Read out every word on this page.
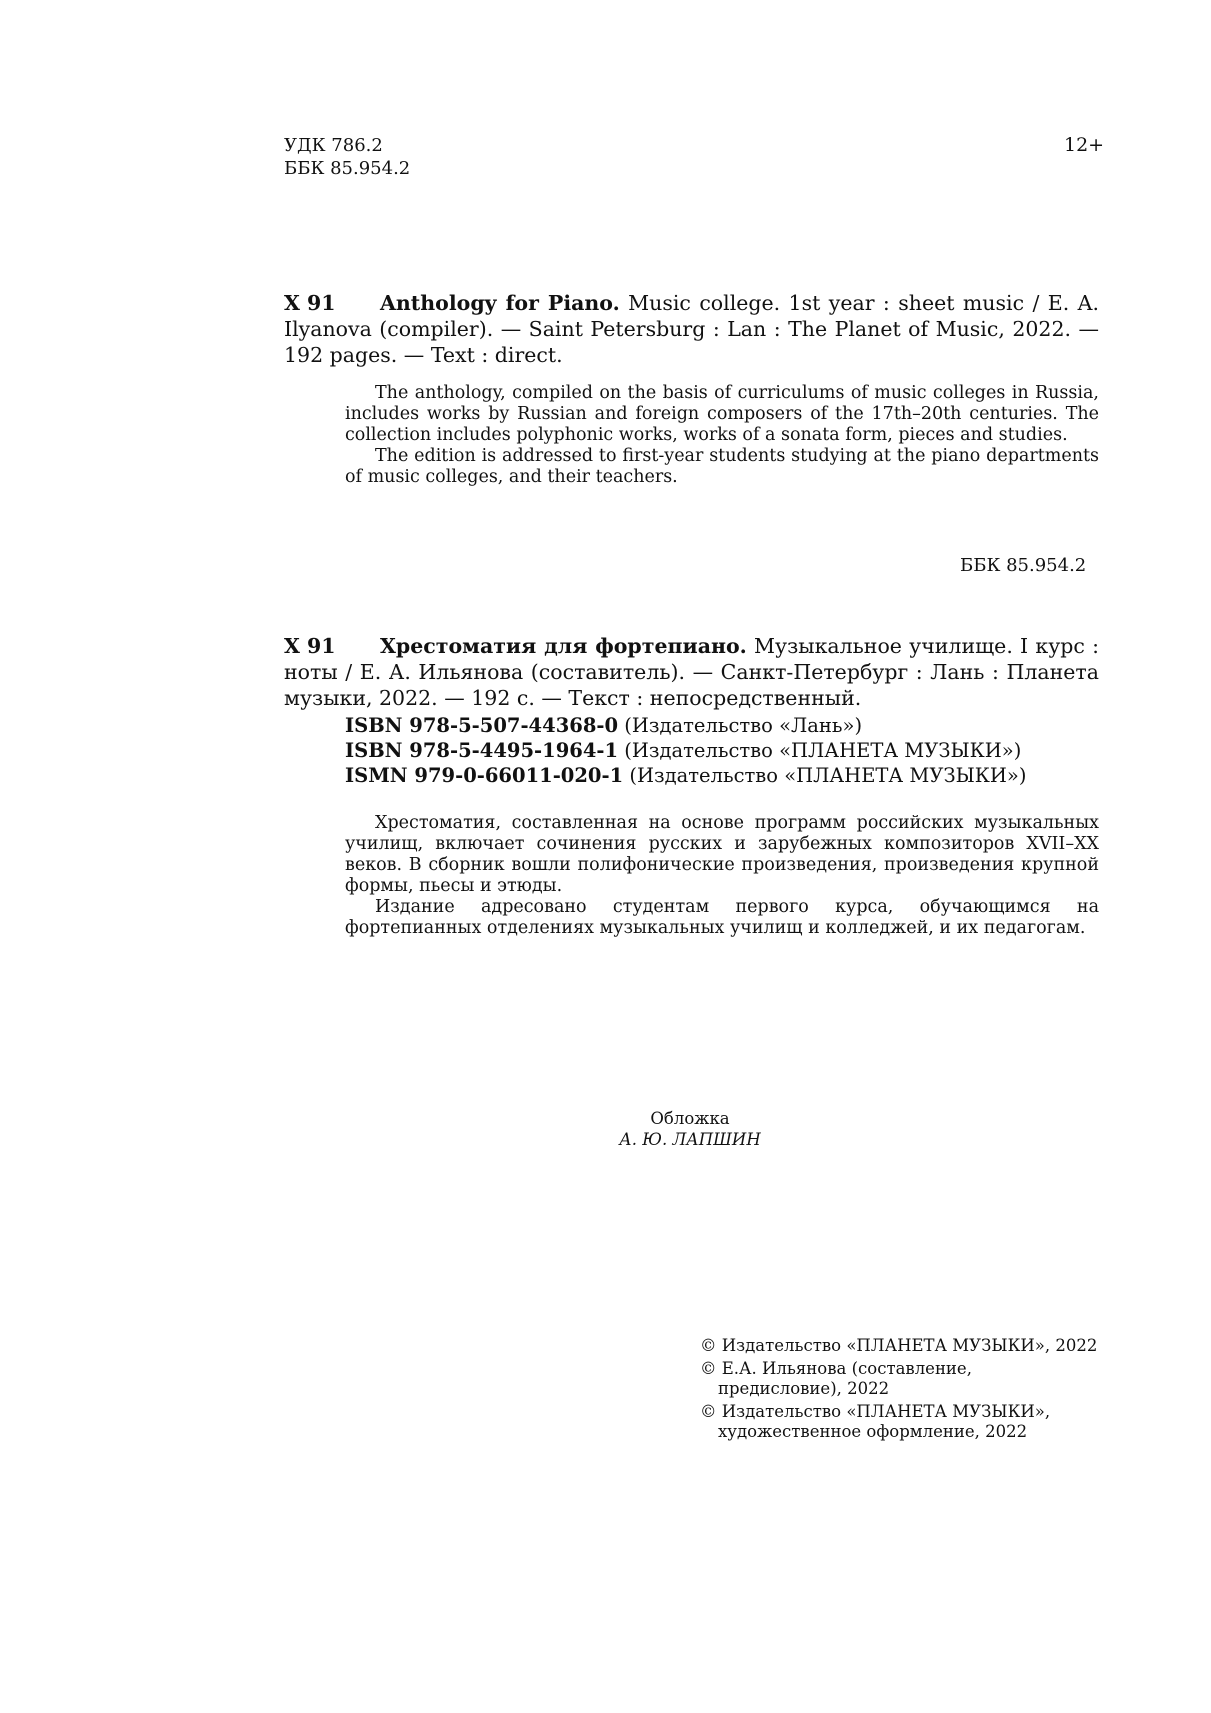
УДК 786.2
ББК 85.954.2
12+
Х 91	Anthology for Piano. Music college. 1st year : sheet music / E. A. Ilyanova (compiler). — Saint Petersburg : Lan : The Planet of Music, 2022. — 192 pages. — Text : direct.

The anthology, compiled on the basis of curriculums of music colleges in Russia, includes works by Russian and foreign composers of the 17th–20th centuries. The collection includes polyphonic works, works of a sonata form, pieces and studies.

The edition is addressed to first-year students studying at the piano departments of music colleges, and their teachers.

ББК 85.954.2
Х 91	Хрестоматия для фортепиано. Музыкальное училище. I курс : ноты / Е. А. Ильянова (составитель). — Санкт-Петербург : Лань : Планета музыки, 2022. — 192 с. — Текст : непосредственный.
ISBN 978-5-507-44368-0 (Издательство «Лань»)
ISBN 978-5-4495-1964-1 (Издательство «ПЛАНЕТА МУЗЫКИ»)
ISMN 979-0-66011-020-1 (Издательство «ПЛАНЕТА МУЗЫКИ»)

Хрестоматия, составленная на основе программ российских музыкальных училищ, включает сочинения русских и зарубежных композиторов XVII–XX веков. В сборник вошли полифонические произведения, произведения крупной формы, пьесы и этюды.

Издание адресовано студентам первого курса, обучающимся на фортепианных отделениях музыкальных училищ и колледжей, и их педагогам.

Обложка
А. Ю. ЛАПШИН
© Издательство «ПЛАНЕТА МУЗЫКИ», 2022
© Е.А. Ильянова (составление, предисловие), 2022
© Издательство «ПЛАНЕТА МУЗЫКИ», художественное оформление, 2022
